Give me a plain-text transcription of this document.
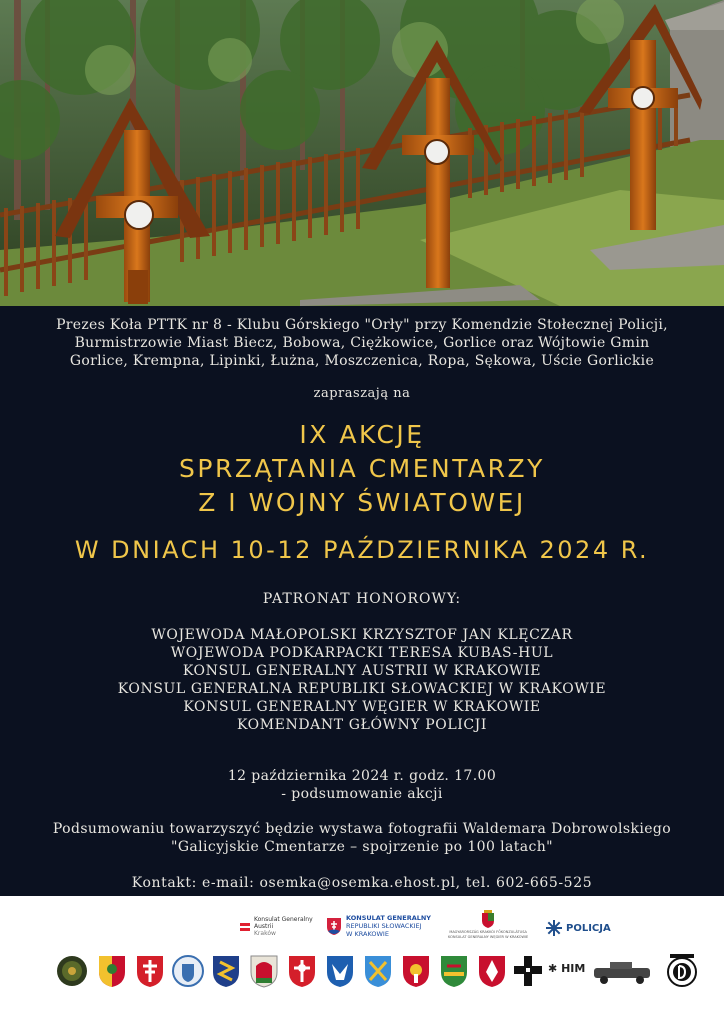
Prezes Koła PTTK nr 8 - Klubu Górskiego "Orły" przy Komendzie Stołecznej Policji,
Burmistrzowie Miast Biecz, Bobowa, Ciężkowice, Gorlice oraz Wójtowie Gmin
Gorlice, Krempna, Lipinki, Łużna, Moszczenica, Ropa, Sękowa, Uście Gorlickie
zapraszają na
IX AKCJĘ
SPRZĄTANIA CMENTARZY
Z I WOJNY ŚWIATOWEJ
W DNIACH 10-12 PAŹDZIERNIKA 2024 R.
PATRONAT HONOROWY:
WOJEWODA MAŁOPOLSKI KRZYSZTOF JAN KLĘCZAR
WOJEWODA PODKARPACKI TERESA KUBAS-HUL
KONSUL GENERALNY AUSTRII W KRAKOWIE
KONSUL GENERALNA REPUBLIKI SŁOWACKIEJ W KRAKOWIE
KONSUL GENERALNY WĘGIER W KRAKOWIE
KOMENDANT GŁÓWNY POLICJI
12 października 2024 r. godz. 17.00
- podsumowanie akcji
Podsumowaniu towarzyszyć będzie wystawa fotografii Waldemara Dobrowolskiego
"Galicyjskie Cmentarze – spojrzenie po 100 latach"
Kontakt: e-mail: osemka@osemka.ehost.pl, tel. 602-665-525
Konsulat Generalny
Austrii
Kraków
KONSULAT GENERALNY
REPUBLIKI SŁOWACKIEJ
W KRAKOWIE	MAGYARORSZÁG KRAKKÓI FŐKONZULÁTUSA
KONSULAT GENERALNY WĘGIER W KRAKOWIE
POLICJA
✱ HIM
